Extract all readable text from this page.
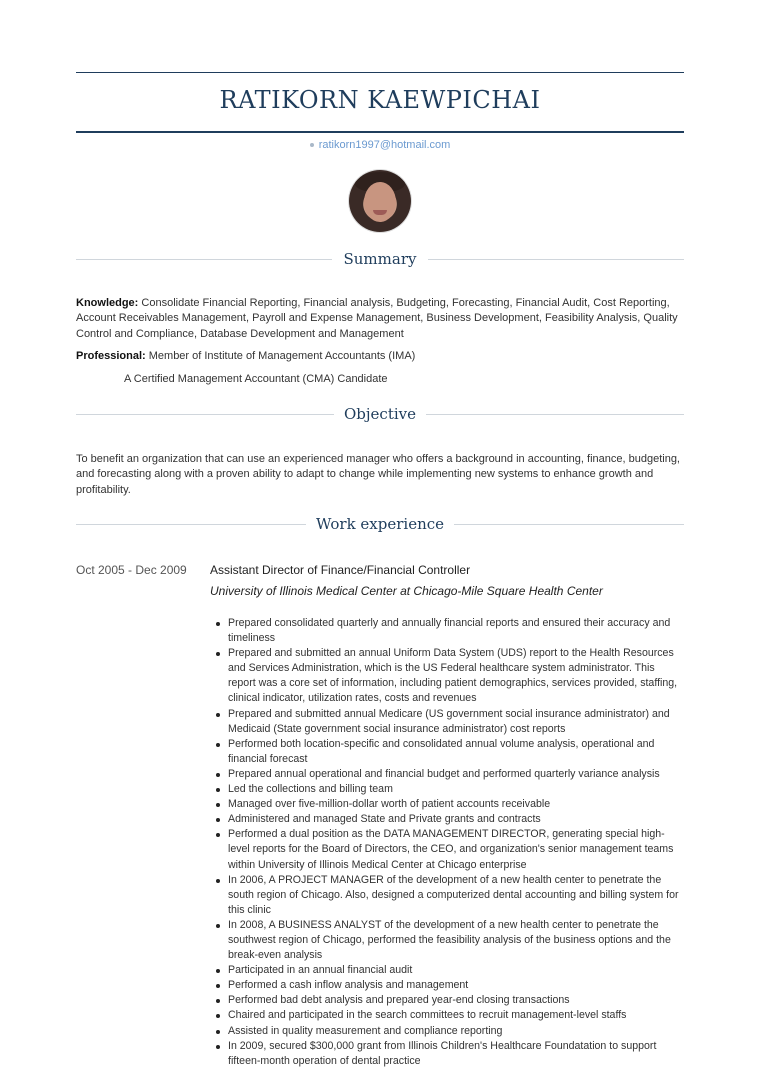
RATIKORN KAEWPICHAI
ratikorn1997@hotmail.com
Summary
Knowledge: Consolidate Financial Reporting, Financial analysis, Budgeting, Forecasting, Financial Audit, Cost Reporting, Account Receivables Management, Payroll and Expense Management, Business Development, Feasibility Analysis, Quality Control and Compliance, Database Development and Management
Professional: Member of Institute of Management Accountants (IMA)
A Certified Management Accountant (CMA) Candidate
Objective
To benefit an organization that can use an experienced manager who offers a background in accounting, finance, budgeting, and forecasting along with a proven ability to adapt to change while implementing new systems to enhance growth and profitability.
Work experience
Oct 2005 - Dec 2009 Assistant Director of Finance/Financial Controller
University of Illinois Medical Center at Chicago-Mile Square Health Center
Prepared consolidated quarterly and annually financial reports and ensured their accuracy and timeliness
Prepared and submitted an annual Uniform Data System (UDS) report to the Health Resources and Services Administration, which is the US Federal healthcare system administrator. This report was a core set of information, including patient demographics, services provided, staffing, clinical indicator, utilization rates, costs and revenues
Prepared and submitted annual Medicare (US government social insurance administrator) and Medicaid (State government social insurance administrator) cost reports
Performed both location-specific and consolidated annual volume analysis, operational and financial forecast
Prepared annual operational and financial budget and performed quarterly variance analysis
Led the collections and billing team
Managed over five-million-dollar worth of patient accounts receivable
Administered and managed State and Private grants and contracts
Performed a dual position as the DATA MANAGEMENT DIRECTOR, generating special high-level reports for the Board of Directors, the CEO, and organization's senior management teams within University of Illinois Medical Center at Chicago enterprise
In 2006, A PROJECT MANAGER of the development of a new health center to penetrate the south region of Chicago. Also, designed a computerized dental accounting and billing system for this clinic
In 2008, A BUSINESS ANALYST of the development of a new health center to penetrate the southwest region of Chicago, performed the feasibility analysis of the business options and the break-even analysis
Participated in an annual financial audit
Performed a cash inflow analysis and management
Performed bad debt analysis and prepared year-end closing transactions
Chaired and participated in the search committees to recruit management-level staffs
Assisted in quality measurement and compliance reporting
In 2009, secured $300,000 grant from Illinois Children's Healthcare Foundatation to support fifteen-month operation of dental practice
